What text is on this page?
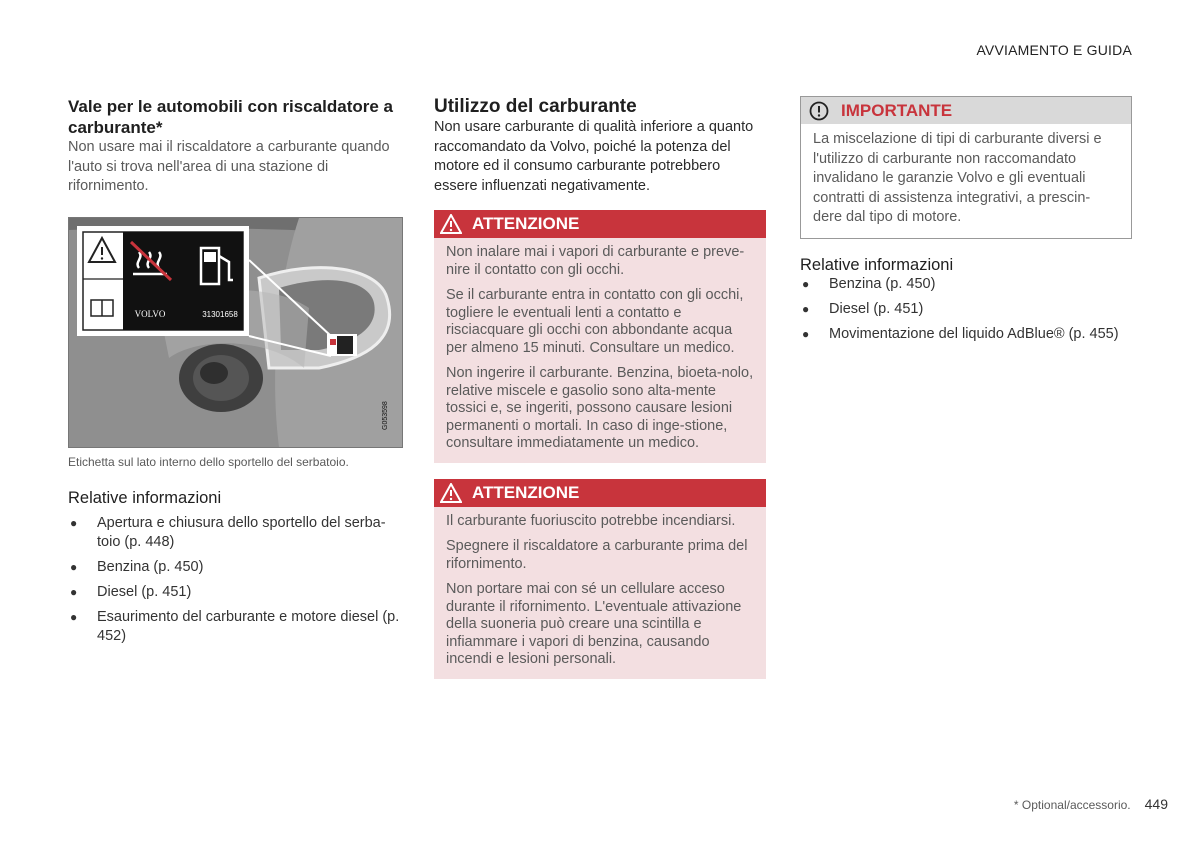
AVVIAMENTO E GUIDA
Vale per le automobili con riscaldatore a carburante*

Non usare mai il riscaldatore a carburante quando l'auto si trova nell'area di una stazione di rifornimento.

VOLVO	31301658
G053598
Etichetta sul lato interno dello sportello del serbatoio.
Relative informazioni
● Apertura e chiusura dello sportello del serba-toio (p. 448)
● Benzina (p. 450)
● Diesel (p. 451)
● Esaurimento del carburante e motore diesel (p. 452)
Utilizzo del carburante

Non usare carburante di qualità inferiore a quanto raccomandato da Volvo, poiché la potenza del motore ed il consumo carburante potrebbero essere influenzati negativamente.

ATTENZIONE

Non inalare mai i vapori di carburante e preve-nire il contatto con gli occhi.

Se il carburante entra in contatto con gli occhi, togliere le eventuali lenti a contatto e risciacquare gli occhi con abbondante acqua per almeno 15 minuti. Consultare un medico.

Non ingerire il carburante. Benzina, bioeta-nolo, relative miscele e gasolio sono alta-mente tossici e, se ingeriti, possono causare lesioni permanenti o mortali. In caso di inge-stione, consultare immediatamente un medico.

ATTENZIONE

Il carburante fuoriuscito potrebbe incendiarsi.

Spegnere il riscaldatore a carburante prima del rifornimento.

Non portare mai con sé un cellulare acceso durante il rifornimento. L'eventuale attivazione della suoneria può creare una scintilla e infiammare i vapori di benzina, causando incendi e lesioni personali.

IMPORTANTE

La miscelazione di tipi di carburante diversi e l'utilizzo di carburante non raccomandato invalidano le garanzie Volvo e gli eventuali contratti di assistenza integrativi, a prescin-dere dal tipo di motore.

Relative informazioni
● Benzina (p. 450)
● Diesel (p. 451)
● Movimentazione del liquido AdBlue® (p. 455)
* Optional/accessorio. 449
